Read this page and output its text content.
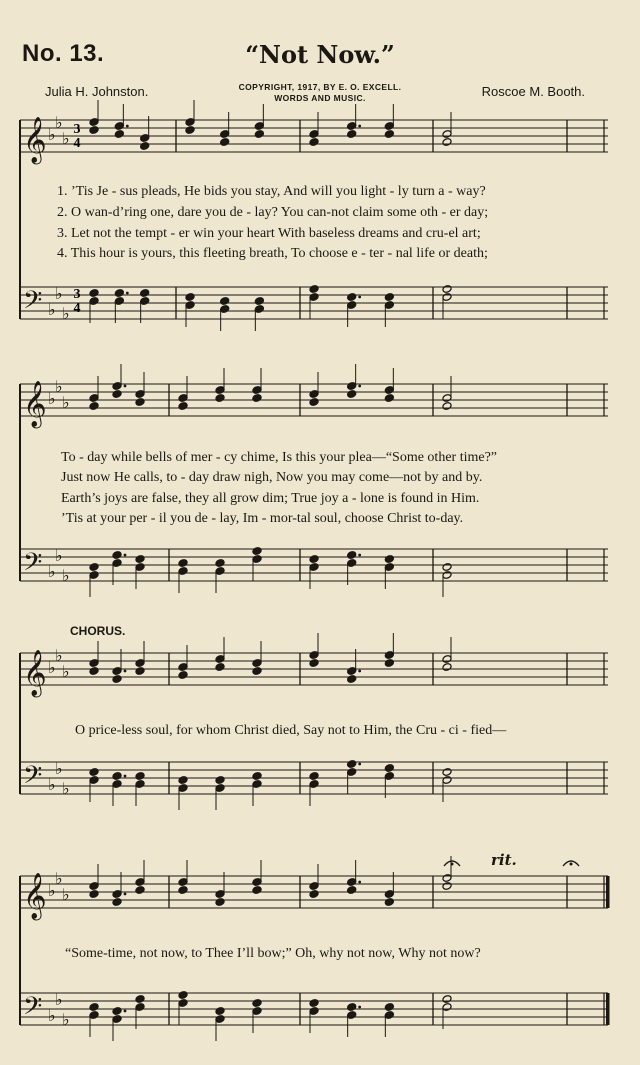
No. 13.	“Not Now.”
Julia H. Johnston.	COPYRIGHT, 1917, BY E. O. EXCELL.
WORDS AND MUSIC.	Roscoe M. Booth.
𝄞 ♭
♭
♭
𝄢 ♭
♭
♭
𝄞 ♭
♭
♭
𝄢 ♭
♭
♭
𝄞 ♭
♭
♭
𝄢 ♭
♭
♭
𝄞 ♭
♭
♭
𝄢 ♭
♭
♭
3
4
3
4
1. ’Tis Je - sus pleads, He bids you stay, And will you light - ly turn a - way?
2. O wan-d’ring one, dare you de - lay? You can-not claim some oth - er day;
3. Let not the tempt - er win your heart With baseless dreams and cru-el art;
4. This hour is yours, this fleeting breath, To choose e - ter - nal life or death;
To - day while bells of mer - cy chime, Is this your plea—“Some other time?”
Just now He calls, to - day draw nigh, Now you may come—not by and by.
Earth’s joys are false, they all grow dim; True joy a - lone is found in Him.
’Tis at your per - il you de - lay, Im - mor-tal soul, choose Christ to-day.
CHORUS.
O price-less soul, for whom Christ died, Say not to Him, the Cru - ci - fied—
rit.
“Some-time, not now, to Thee I’ll bow;” Oh, why not now, Why not now?
